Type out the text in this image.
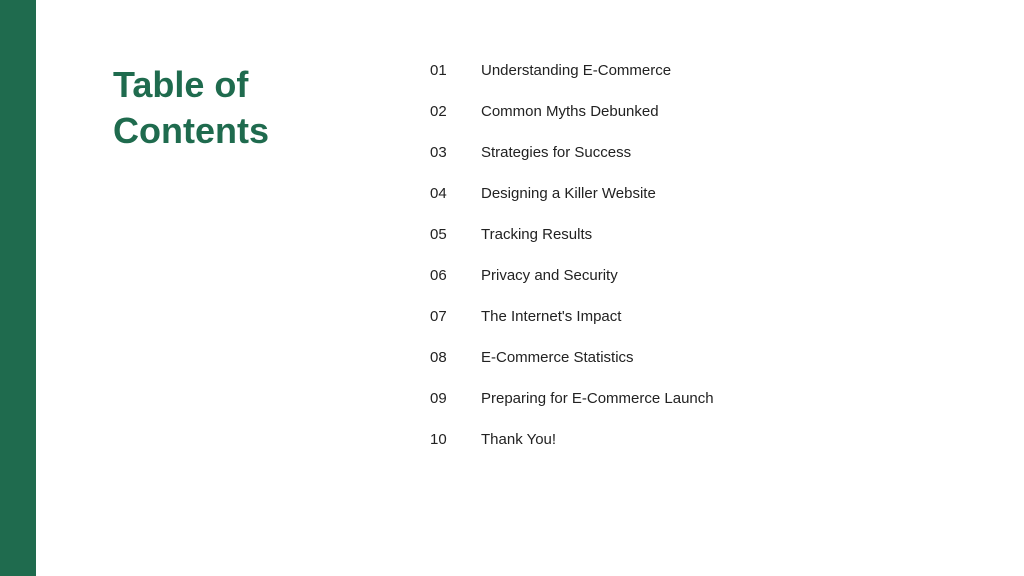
Table of
Contents
01	Understanding E-Commerce
02	Common Myths Debunked
03	Strategies for Success
04	Designing a Killer Website
05	Tracking Results
06	Privacy and Security
07	The Internet's Impact
08	E-Commerce Statistics
09	Preparing for E-Commerce Launch
10	Thank You!
